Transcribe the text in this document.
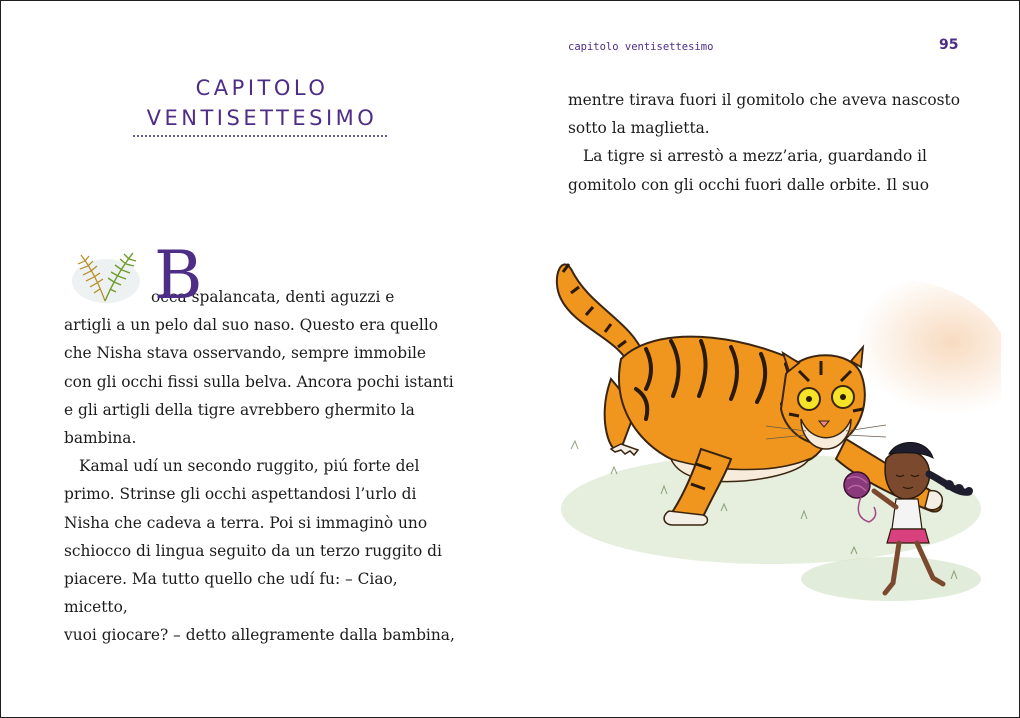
CAPITOLO
VENTISETTESIMO
B

occa spalancata, denti aguzzi e
artigli a un pelo dal suo naso. Questo era quello
che Nisha stava osservando, sempre immobile
con gli occhi fissi sulla belva. Ancora pochi istanti
e gli artigli della tigre avrebbero ghermito la
bambina.

Kamal udí un secondo ruggito, piú forte del
primo. Strinse gli occhi aspettandosi l’urlo di
Nisha che cadeva a terra. Poi si immaginò uno
schiocco di lingua seguito da un terzo ruggito di
piacere. Ma tutto quello che udí fu: – Ciao, micetto,
vuoi giocare? – detto allegramente dalla bambina,

capitolo ventisettesimo	95

mentre tirava fuori il gomitolo che aveva nascosto
sotto la maglietta.

La tigre si arrestò a mezz’aria, guardando il
gomitolo con gli occhi fuori dalle orbite. Il suo
